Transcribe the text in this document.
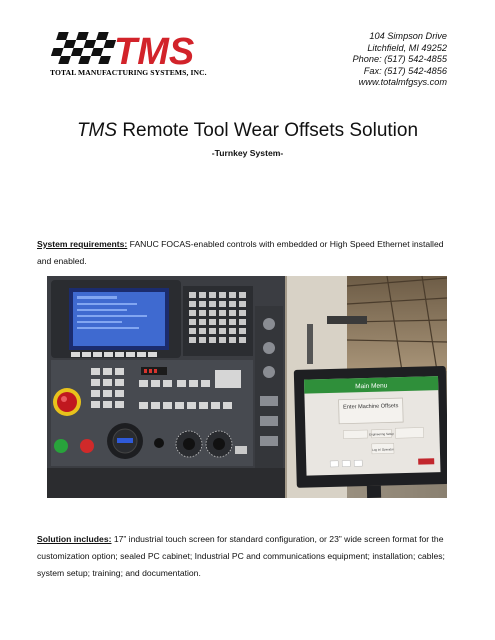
TMS
TOTAL MANUFACTURING SYSTEMS, INC.
104 Simpson Drive
Litchfield, MI 49252
Phone: (517) 542-4855
Fax: (517) 542-4856
www.totalmfgsys.com
TMS Remote Tool Wear Offsets Solution
-Turnkey System-
System requirements: FANUC FOCAS-enabled controls with embedded or High Speed Ethernet installed and enabled.
Main Menu
Enter Machine Offsets
Engineering Setup
Log in/ Operator
Solution includes: 17” industrial touch screen for standard configuration, or 23” wide screen format for the customization option; sealed PC cabinet; Industrial PC and communications equipment; installation; cables; system setup; training; and documentation.
